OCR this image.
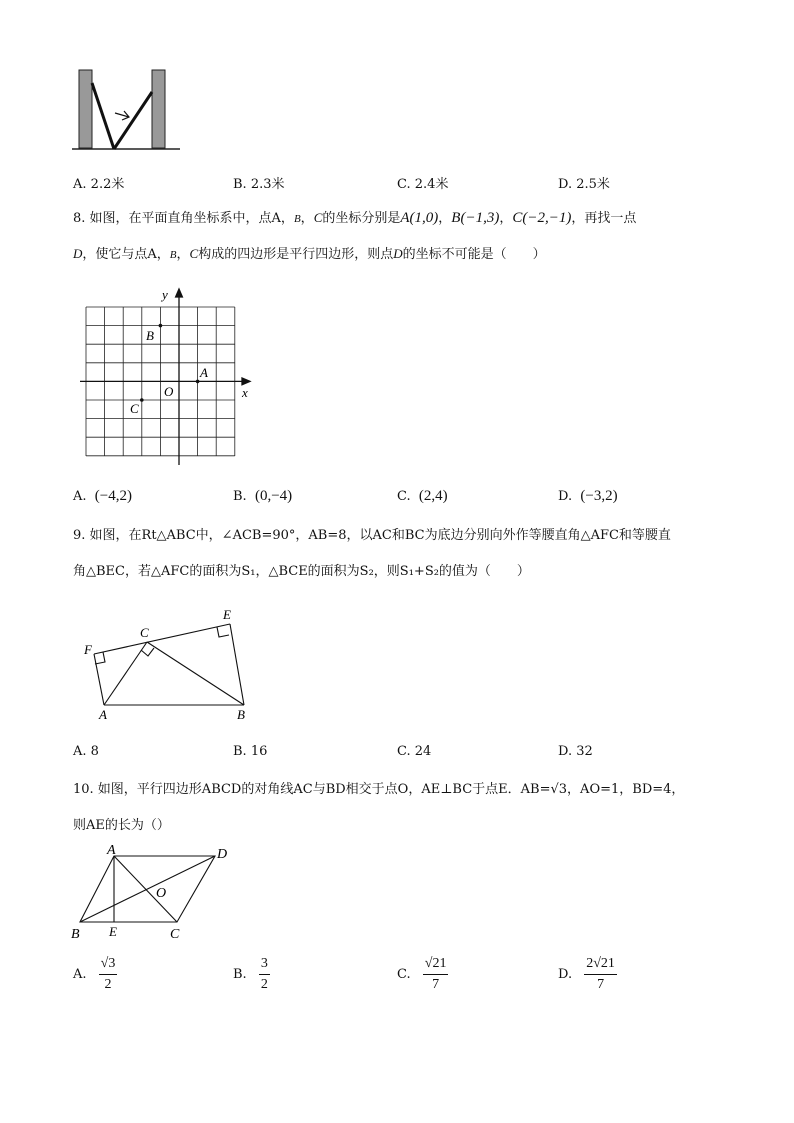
A. 2.2米	B. 2.3米	C. 2.4米	D. 2.5米
8. 如图，在平面直角坐标系中，点A，B，C的坐标分别是A(1,0)，B(−1,3)，C(−2,−1)，再找一点
D，使它与点A，B，C构成的四边形是平行四边形，则点D的坐标不可能是（　　）
y
x
O
A
B
C
A. (−4,2)	B. (0,−4)	C. (2,4)	D. (−3,2)
9. 如图，在Rt△ABC中，∠ACB=90°，AB=8，以AC和BC为底边分别向外作等腰直角△AFC和等腰直
角△BEC，若△AFC的面积为S₁，△BCE的面积为S₂，则S₁+S₂的值为（　　）
F
C
E
A	B
A. 8	B. 16	C. 24	D. 32
10. 如图，平行四边形ABCD的对角线AC与BD相交于点O，AE⊥BC于点E．AB=√3，AO=1，BD=4，
则AE的长为（）
A	D
O
B E	C
A. $\frac{√3}{2}$	B. $\frac{3}{2}$	C. $\frac{√21}{7}$	D. $\frac{2√21}{7}$
